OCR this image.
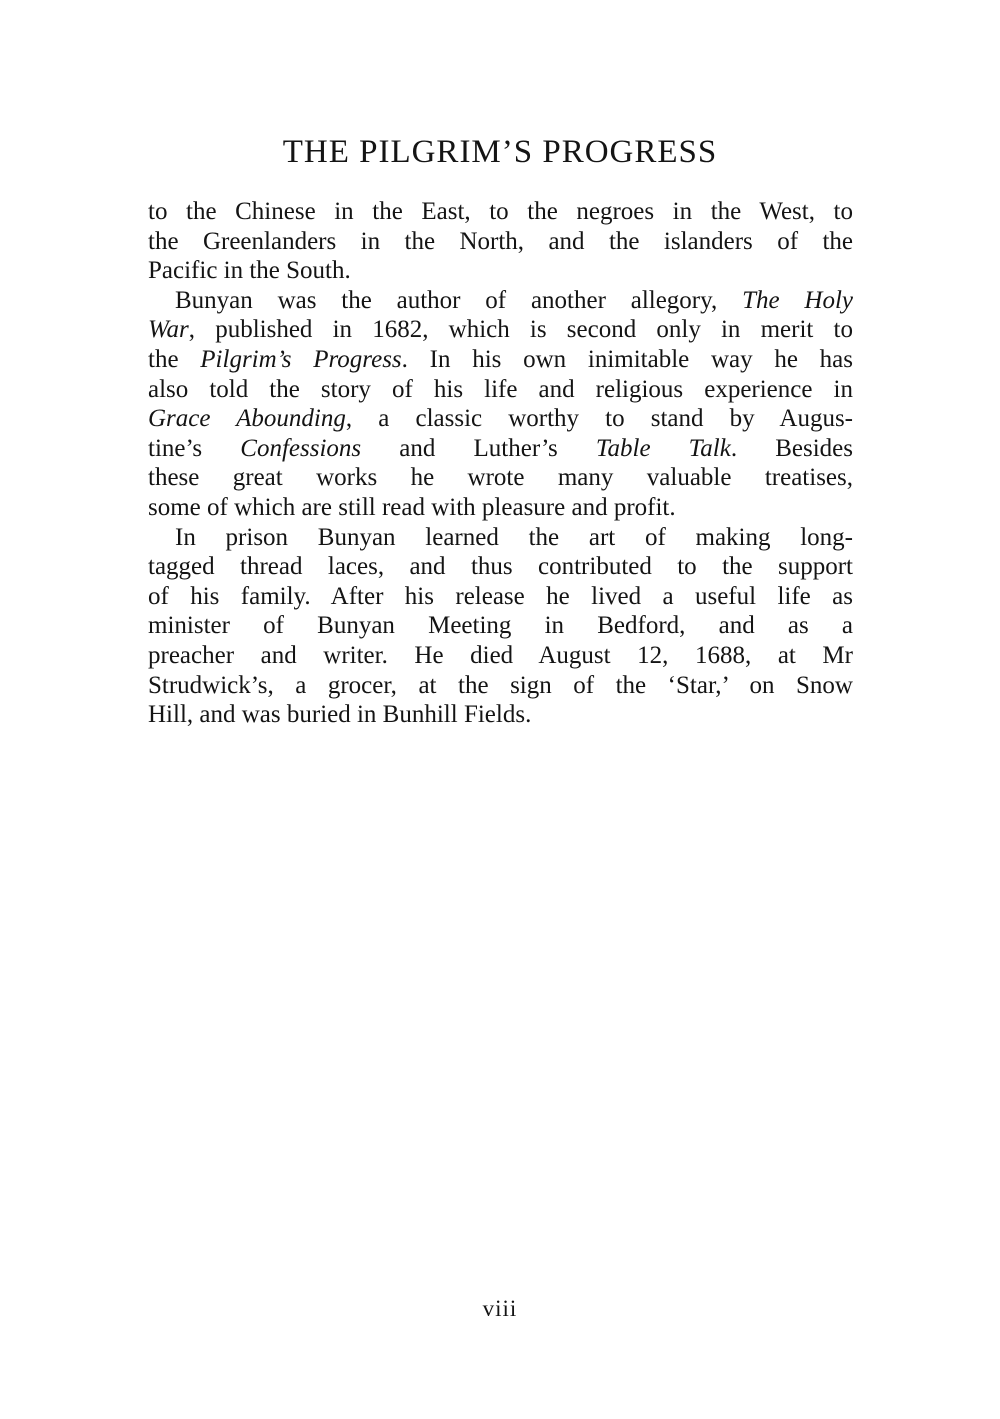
THE PILGRIM’S PROGRESS
to the Chinese in the East, to the negroes in the West, to
the Greenlanders in the North, and the islanders of the
Pacific in the South.
Bunyan was the author of another allegory, The Holy
War, published in 1682, which is second only in merit to
the Pilgrim’s Progress. In his own inimitable way he has
also told the story of his life and religious experience in
Grace Abounding, a classic worthy to stand by Augus-
tine’s Confessions and Luther’s Table Talk. Besides
these great works he wrote many valuable treatises,
some of which are still read with pleasure and profit.
In prison Bunyan learned the art of making long-
tagged thread laces, and thus contributed to the support
of his family. After his release he lived a useful life as
minister of Bunyan Meeting in Bedford, and as a
preacher and writer. He died August 12, 1688, at Mr
Strudwick’s, a grocer, at the sign of the ‘Star,’ on Snow
Hill, and was buried in Bunhill Fields.
viii
